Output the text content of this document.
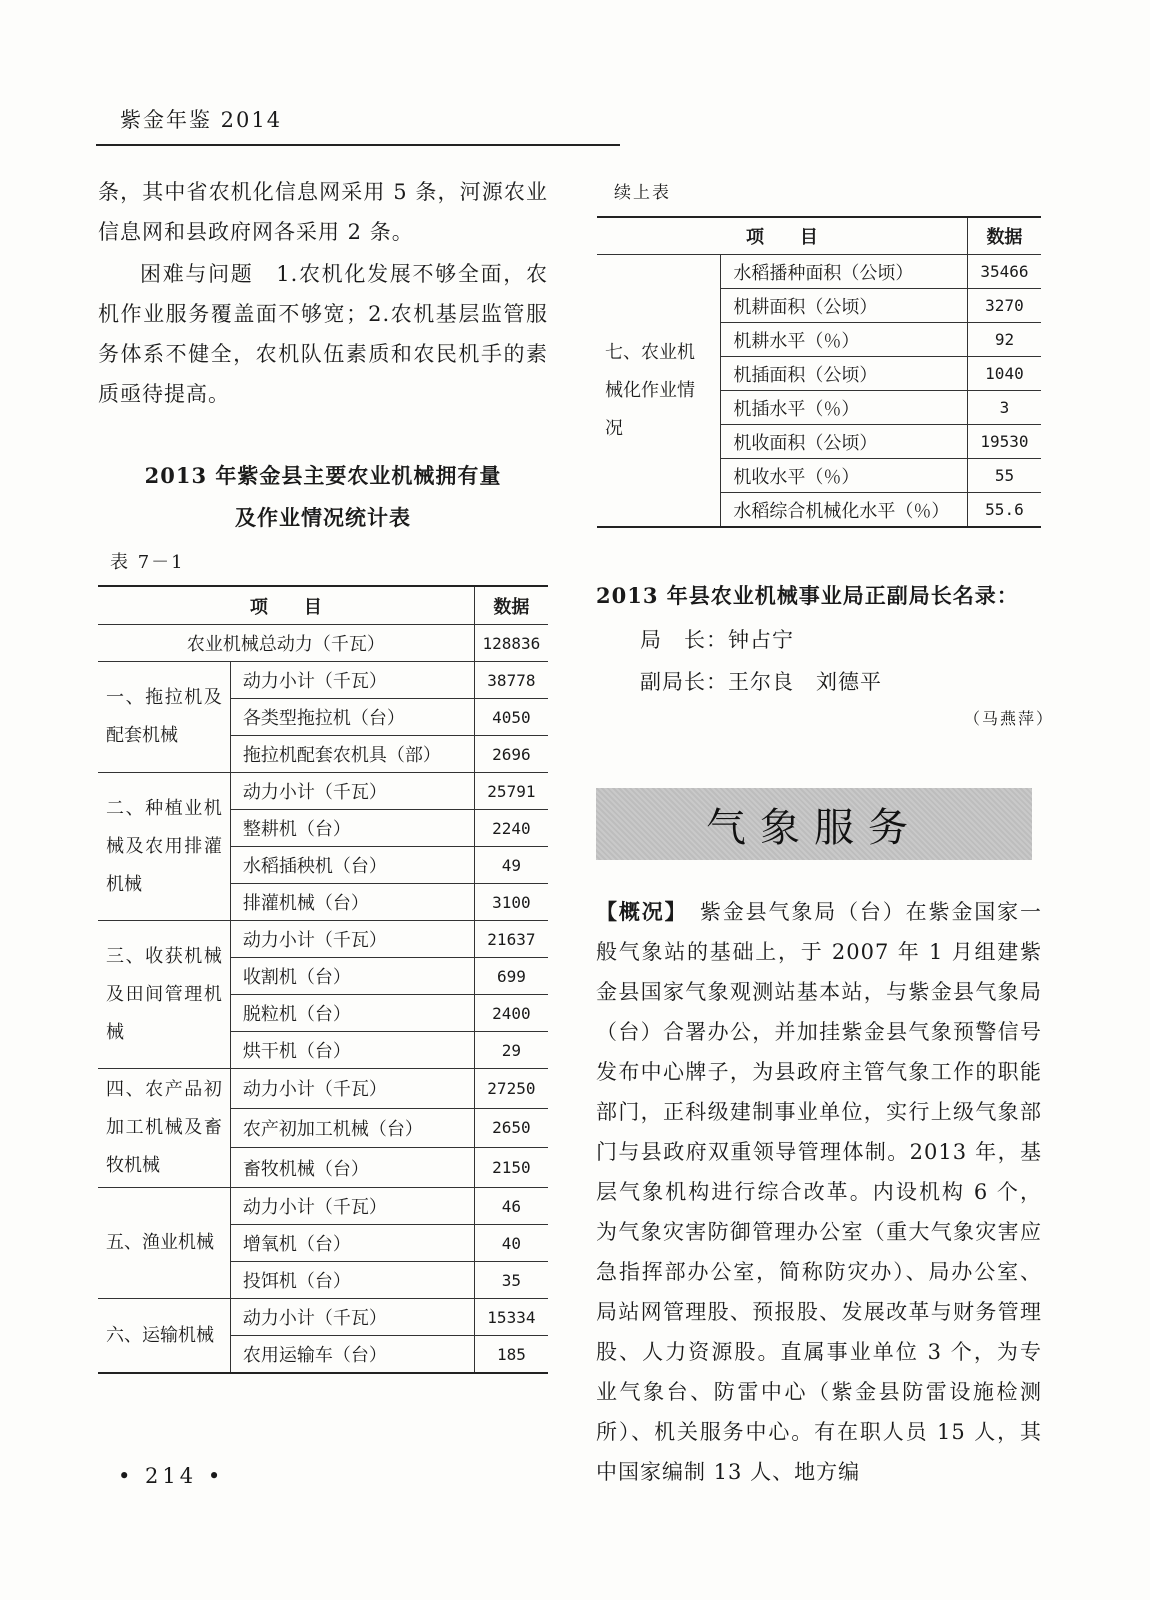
紫金年鉴 2014
条，其中省农机化信息网采用 5 条，河源农业信息网和县政府网各采用 2 条。
困难与问题　1.农机化发展不够全面，农机作业服务覆盖面不够宽；2.农机基层监管服务体系不健全，农机队伍素质和农民机手的素质亟待提高。
2013 年紫金县主要农业机械拥有量
及作业情况统计表
表 7－1
项　　目		数据
农业机械总动力（千瓦）		128836
一、拖拉机及配套机械	动力小计（千瓦）	38778
	各类型拖拉机（台）	4050
	拖拉机配套农机具（部）	2696
二、种植业机械及农用排灌机械	动力小计（千瓦）	25791
	整耕机（台）	2240
	水稻插秧机（台）	49
	排灌机械（台）	3100
三、收获机械及田间管理机械	动力小计（千瓦）	21637
	收割机（台）	699
	脱粒机（台）	2400
	烘干机（台）	29
四、农产品初加工机械及畜牧机械	动力小计（千瓦）	27250
	农产初加工机械（台）	2650
	畜牧机械（台）	2150
五、渔业机械	动力小计（千瓦）	46
	增氧机（台）	40
	投饵机（台）	35
六、运输机械	动力小计（千瓦）	15334
	农用运输车（台）	185
续上表
项　　目		数据
七、农业机械化作业情况	水稻播种面积（公顷）	35466
	机耕面积（公顷）	3270
	机耕水平（％）	92
	机插面积（公顷）	1040
	机插水平（％）	3
	机收面积（公顷）	19530
	机收水平（％）	55
	水稻综合机械化水平（％）	55.6
2013 年县农业机械事业局正副局长名录：
局　长：钟占宁
副局长：王尔良　刘德平
（马燕萍）
气象服务
【概况】　紫金县气象局（台）在紫金国家一般气象站的基础上，于 2007 年 1 月组建紫金县国家气象观测站基本站，与紫金县气象局（台）合署办公，并加挂紫金县气象预警信号发布中心牌子，为县政府主管气象工作的职能部门，正科级建制事业单位，实行上级气象部门与县政府双重领导管理体制。2013 年，基层气象机构进行综合改革。内设机构 6 个，为气象灾害防御管理办公室（重大气象灾害应急指挥部办公室，简称防灾办）、局办公室、局站网管理股、预报股、发展改革与财务管理股、人力资源股。直属事业单位 3 个，为专业气象台、防雷中心（紫金县防雷设施检测所）、机关服务中心。有在职人员 15 人，其中国家编制 13 人、地方编
• 214 •
